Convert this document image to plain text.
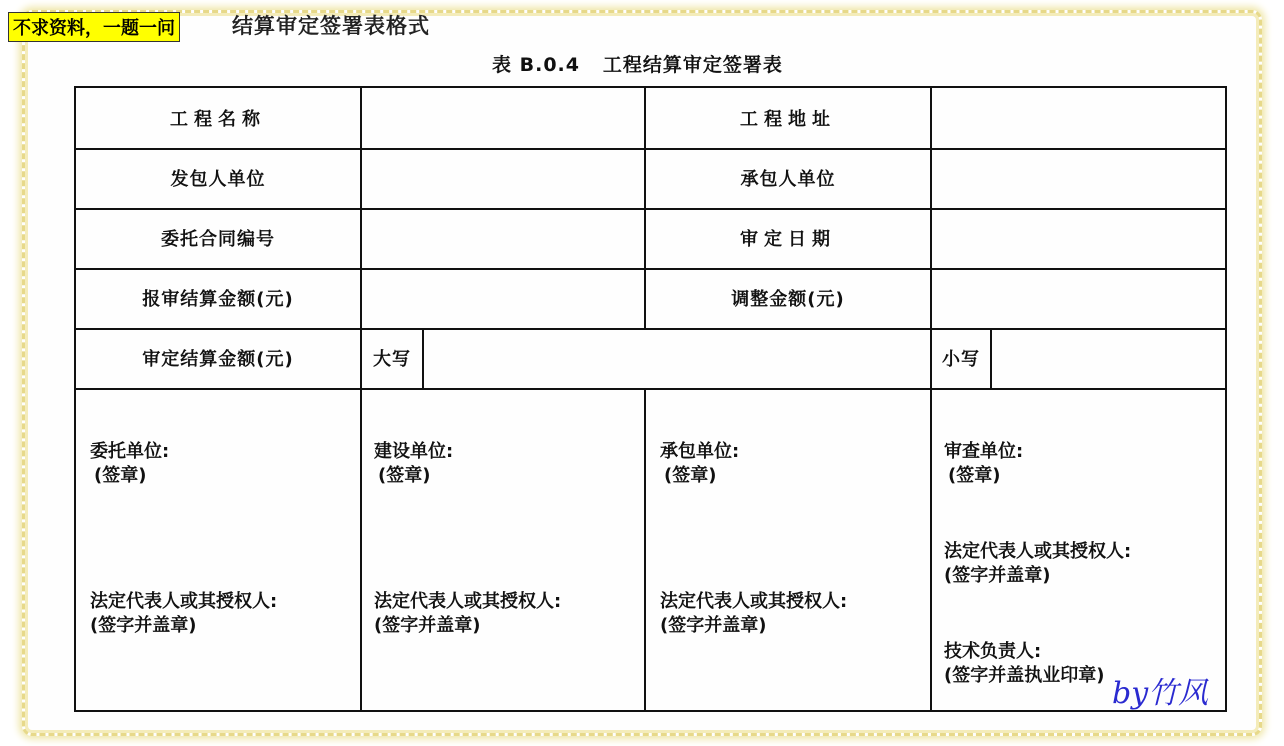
结算审定签署表格式
不求资料，一题一问
表 B.0.4   工程结算审定签署表
工程名称	工程地址
发包人单位	承包人单位
委托合同编号	审定日期
报审结算金额(元)	调整金额(元)
审定结算金额(元)	大写	小写
委托单位:
(签章)
法定代表人或其授权人:
(签字并盖章)
建设单位:
(签章)
法定代表人或其授权人:
(签字并盖章)
承包单位:
(签章)
法定代表人或其授权人:
(签字并盖章)
审查单位:
(签章)
法定代表人或其授权人:
(签字并盖章)
技术负责人:
(签字并盖执业印章)
by竹风
